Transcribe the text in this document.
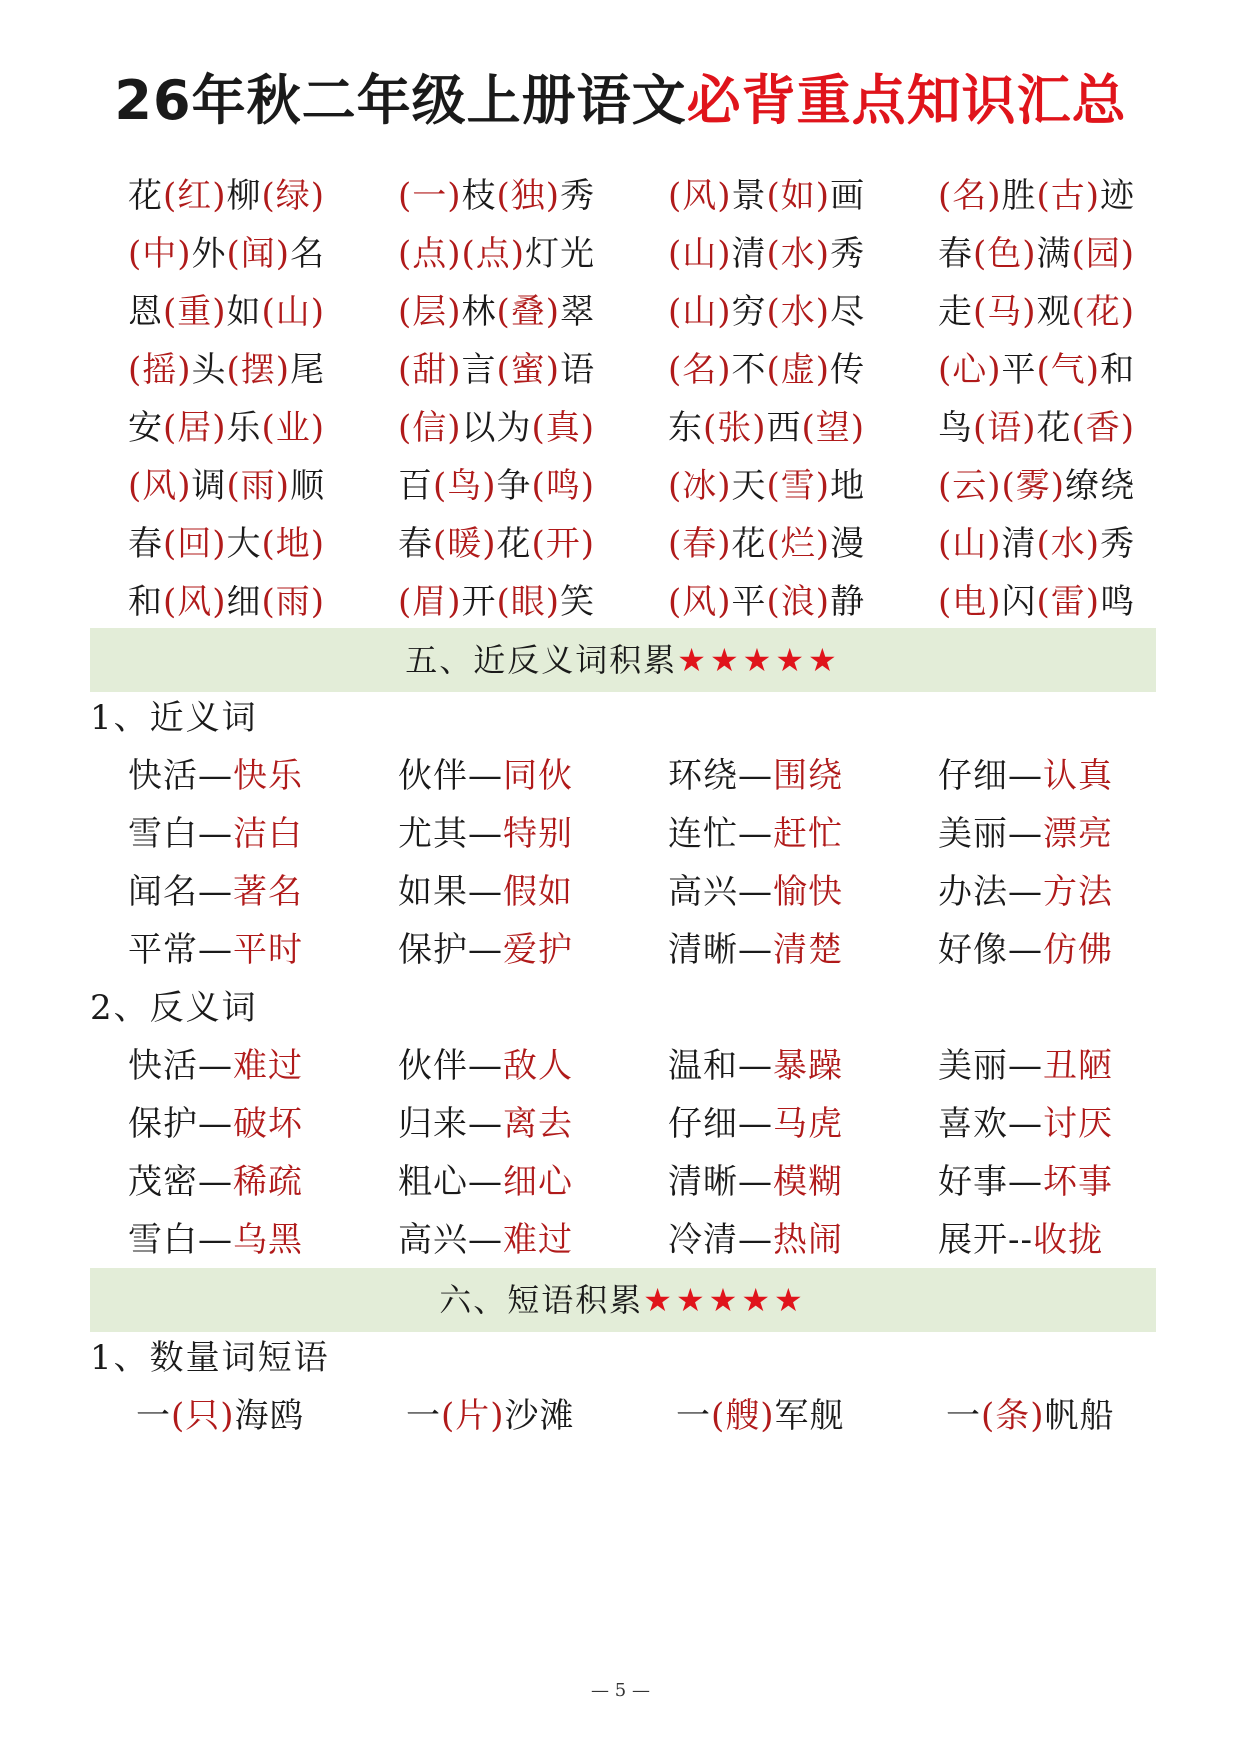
26年秋二年级上册语文必背重点知识汇总
花(红)柳(绿) (一)枝(独)秀 (风)景(如)画 (名)胜(古)迹
(中)外(闻)名 (点)(点)灯光 (山)清(水)秀 春(色)满(园)
恩(重)如(山) (层)林(叠)翠 (山)穷(水)尽 走(马)观(花)
(摇)头(摆)尾 (甜)言(蜜)语 (名)不(虚)传 (心)平(气)和
安(居)乐(业) (信)以为(真) 东(张)西(望) 鸟(语)花(香)
(风)调(雨)顺 百(鸟)争(鸣) (冰)天(雪)地 (云)(雾)缭绕
春(回)大(地) 春(暖)花(开) (春)花(烂)漫 (山)清(水)秀
和(风)细(雨) (眉)开(眼)笑 (风)平(浪)静 (电)闪(雷)鸣
五、近反义词积累★★★★★
1、近义词
快活—快乐	伙伴—同伙	环绕—围绕	仔细—认真
雪白—洁白	尤其—特别	连忙—赶忙	美丽—漂亮
闻名—著名	如果—假如	高兴—愉快	办法—方法
平常—平时	保护—爱护	清晰—清楚	好像—仿佛
2、反义词
快活—难过	伙伴—敌人	温和—暴躁	美丽—丑陋
保护—破坏	归来—离去	仔细—马虎	喜欢—讨厌
茂密—稀疏	粗心—细心	清晰—模糊	好事—坏事
雪白—乌黑	高兴—难过	冷清—热闹	展开--收拢
六、短语积累★★★★★
1、数量词短语
一(只)海鸥	一(片)沙滩	一(艘)军舰	一(条)帆船
— 5 —
